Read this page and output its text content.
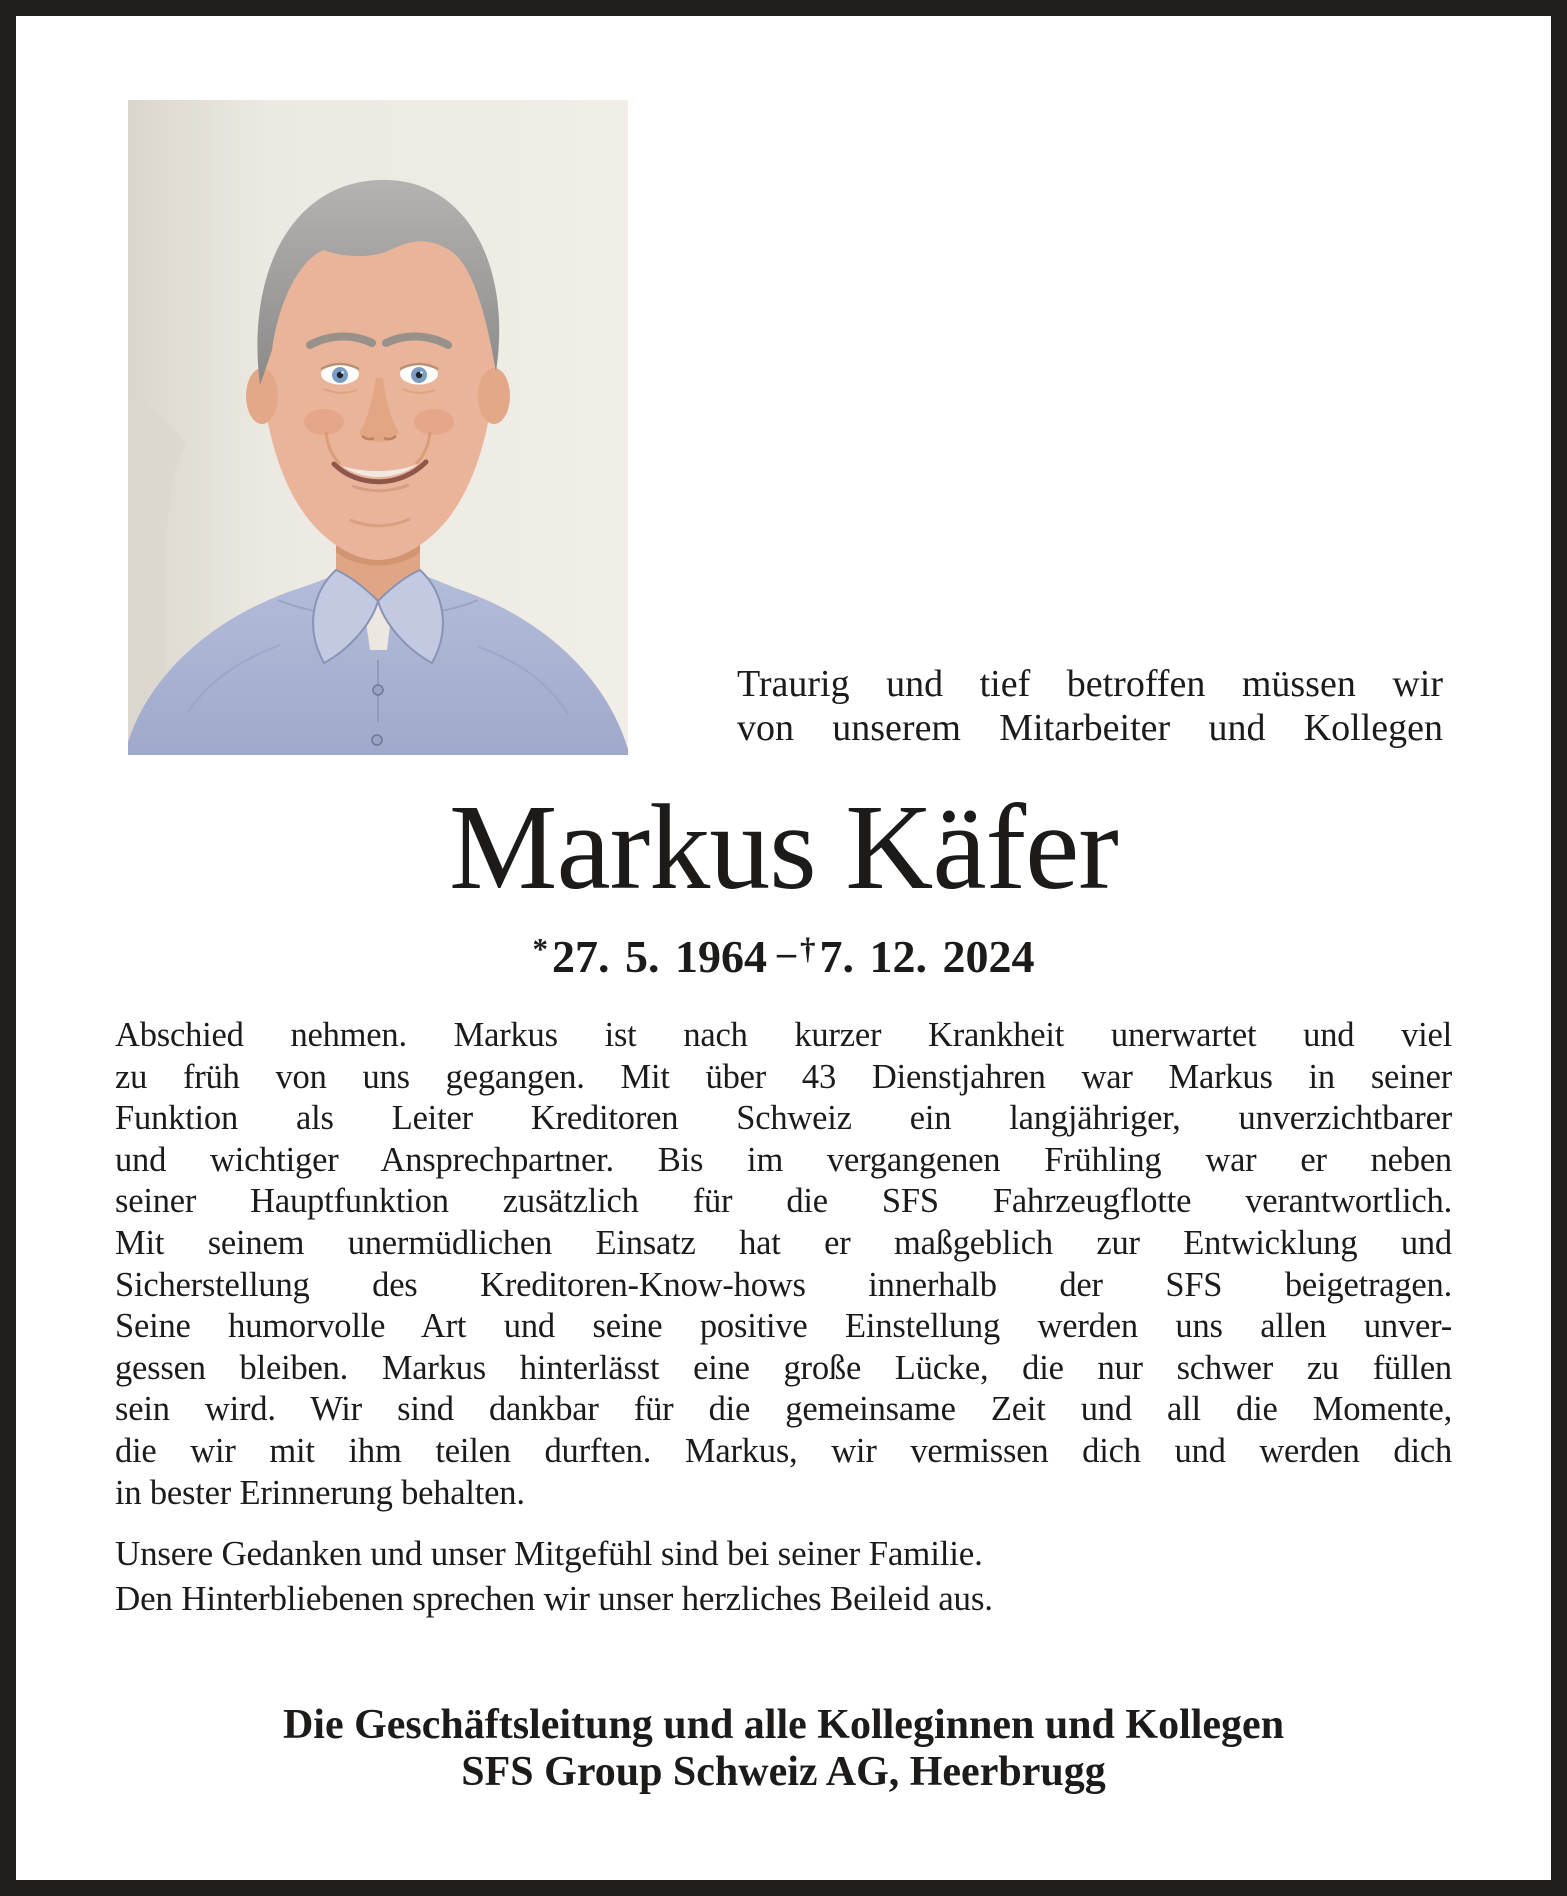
Traurig und tief betroffen müssen wir
von unserem Mitarbeiter und Kollegen
Markus Käfer
*27. 5. 1964 – †7. 12. 2024
Abschied nehmen. Markus ist nach kurzer Krankheit unerwartet und viel
zu früh von uns gegangen. Mit über 43 Dienstjahren war Markus in seiner
Funktion als Leiter Kreditoren Schweiz ein langjähriger, unverzichtbarer
und wichtiger Ansprechpartner. Bis im vergangenen Frühling war er neben
seiner Hauptfunktion zusätzlich für die SFS Fahrzeugflotte verantwortlich.
Mit seinem unermüdlichen Einsatz hat er maßgeblich zur Entwicklung und
Sicherstellung des Kreditoren-Know-hows innerhalb der SFS beigetragen.
Seine humorvolle Art und seine positive Einstellung werden uns allen unver-
gessen bleiben. Markus hinterlässt eine große Lücke, die nur schwer zu füllen
sein wird. Wir sind dankbar für die gemeinsame Zeit und all die Momente,
die wir mit ihm teilen durften. Markus, wir vermissen dich und werden dich
in bester Erinnerung behalten.
Unsere Gedanken und unser Mitgefühl sind bei seiner Familie.
Den Hinterbliebenen sprechen wir unser herzliches Beileid aus.
Die Geschäftsleitung und alle Kolleginnen und Kollegen
SFS Group Schweiz AG, Heerbrugg
